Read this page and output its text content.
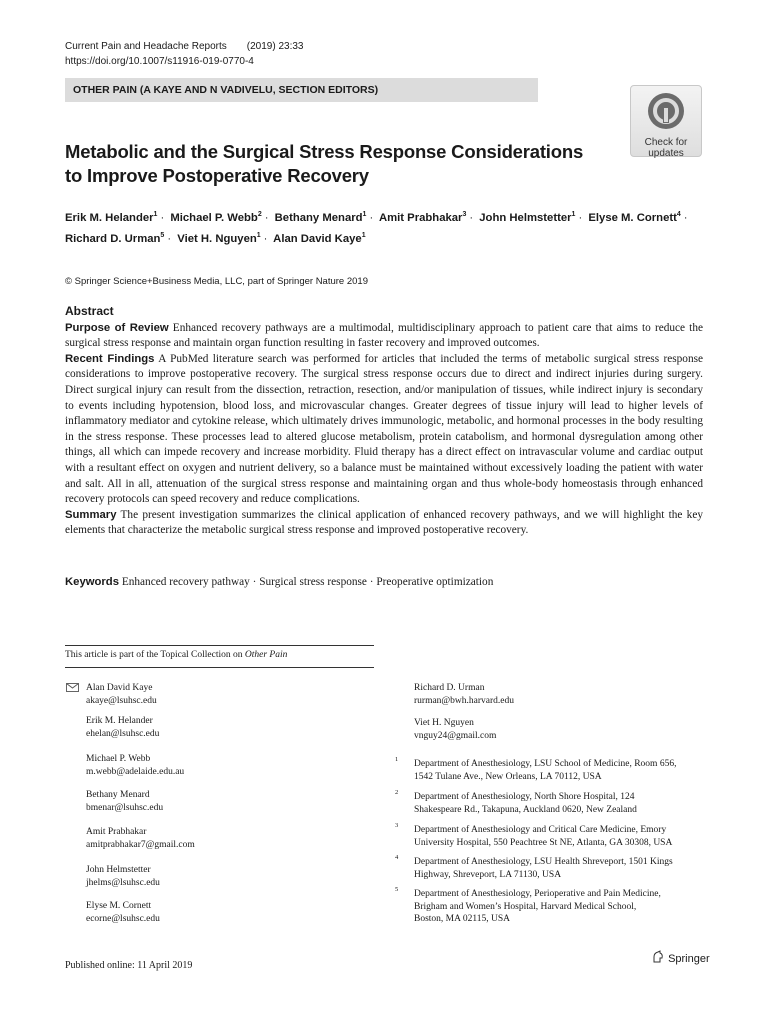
Current Pain and Headache Reports (2019) 23:33
https://doi.org/10.1007/s11916-019-0770-4
OTHER PAIN (A KAYE AND N VADIVELU, SECTION EDITORS)
Check for
updates
Metabolic and the Surgical Stress Response Considerations
to Improve Postoperative Recovery
Erik M. Helander$^1$ · Michael P. Webb$^2$ · Bethany Menard$^1$ · Amit Prabhakar$^3$ · John Helmstetter$^1$ · Elyse M. Cornett$^4$ ·
Richard D. Urman$^5$ · Viet H. Nguyen$^1$ · Alan David Kaye$^1$
© Springer Science+Business Media, LLC, part of Springer Nature 2019
Abstract

Purpose of Review Enhanced recovery pathways are a multimodal, multidisciplinary approach to patient care that aims to reduce the surgical stress response and maintain organ function resulting in faster recovery and improved outcomes.

Recent Findings A PubMed literature search was performed for articles that included the terms of metabolic surgical stress response considerations to improve postoperative recovery. The surgical stress response occurs due to direct and indirect injuries during surgery. Direct surgical injury can result from the dissection, retraction, resection, and/or manipulation of tissues, while indirect injury is secondary to events including hypotension, blood loss, and microvascular changes. Greater degrees of tissue injury will lead to higher levels of inflammatory mediator and cytokine release, which ultimately drives immunologic, metabolic, and hormonal processes in the body resulting in the stress response. These processes lead to altered glucose metabolism, protein catabolism, and hormonal dysregulation among other things, all which can impede recovery and increase morbidity. Fluid therapy has a direct effect on intravascular volume and cardiac output with a resultant effect on oxygen and nutrient delivery, so a balance must be maintained without excessively loading the patient with water and salt. All in all, attenuation of the surgical stress response and maintaining organ and thus whole-body homeostasis through enhanced recovery protocols can speed recovery and reduce complications.

Summary The present investigation summarizes the clinical application of enhanced recovery pathways, and we will highlight the key elements that characterize the metabolic surgical stress response and improved postoperative recovery.

Keywords Enhanced recovery pathway · Surgical stress response · Preoperative optimization
This article is part of the Topical Collection on Other Pain
Alan David Kaye
akaye@lsuhsc.edu
Erik M. Helander
ehelan@lsuhsc.edu
Michael P. Webb
m.webb@adelaide.edu.au
Bethany Menard
bmenar@lsuhsc.edu
Amit Prabhakar
amitprabhakar7@gmail.com
John Helmstetter
jhelms@lsuhsc.edu
Elyse M. Cornett
ecorne@lsuhsc.edu
Richard D. Urman
rurman@bwh.harvard.edu
Viet H. Nguyen
vnguy24@gmail.com
1 Department of Anesthesiology, LSU School of Medicine, Room 656,
1542 Tulane Ave., New Orleans, LA 70112, USA
2 Department of Anesthesiology, North Shore Hospital, 124
Shakespeare Rd., Takapuna, Auckland 0620, New Zealand
3 Department of Anesthesiology and Critical Care Medicine, Emory
University Hospital, 550 Peachtree St NE, Atlanta, GA 30308, USA
4 Department of Anesthesiology, LSU Health Shreveport, 1501 Kings
Highway, Shreveport, LA 71130, USA
5 Department of Anesthesiology, Perioperative and Pain Medicine,
Brigham and Women’s Hospital, Harvard Medical School,
Boston, MA 02115, USA
Published online: 11 April 2019
Springer
